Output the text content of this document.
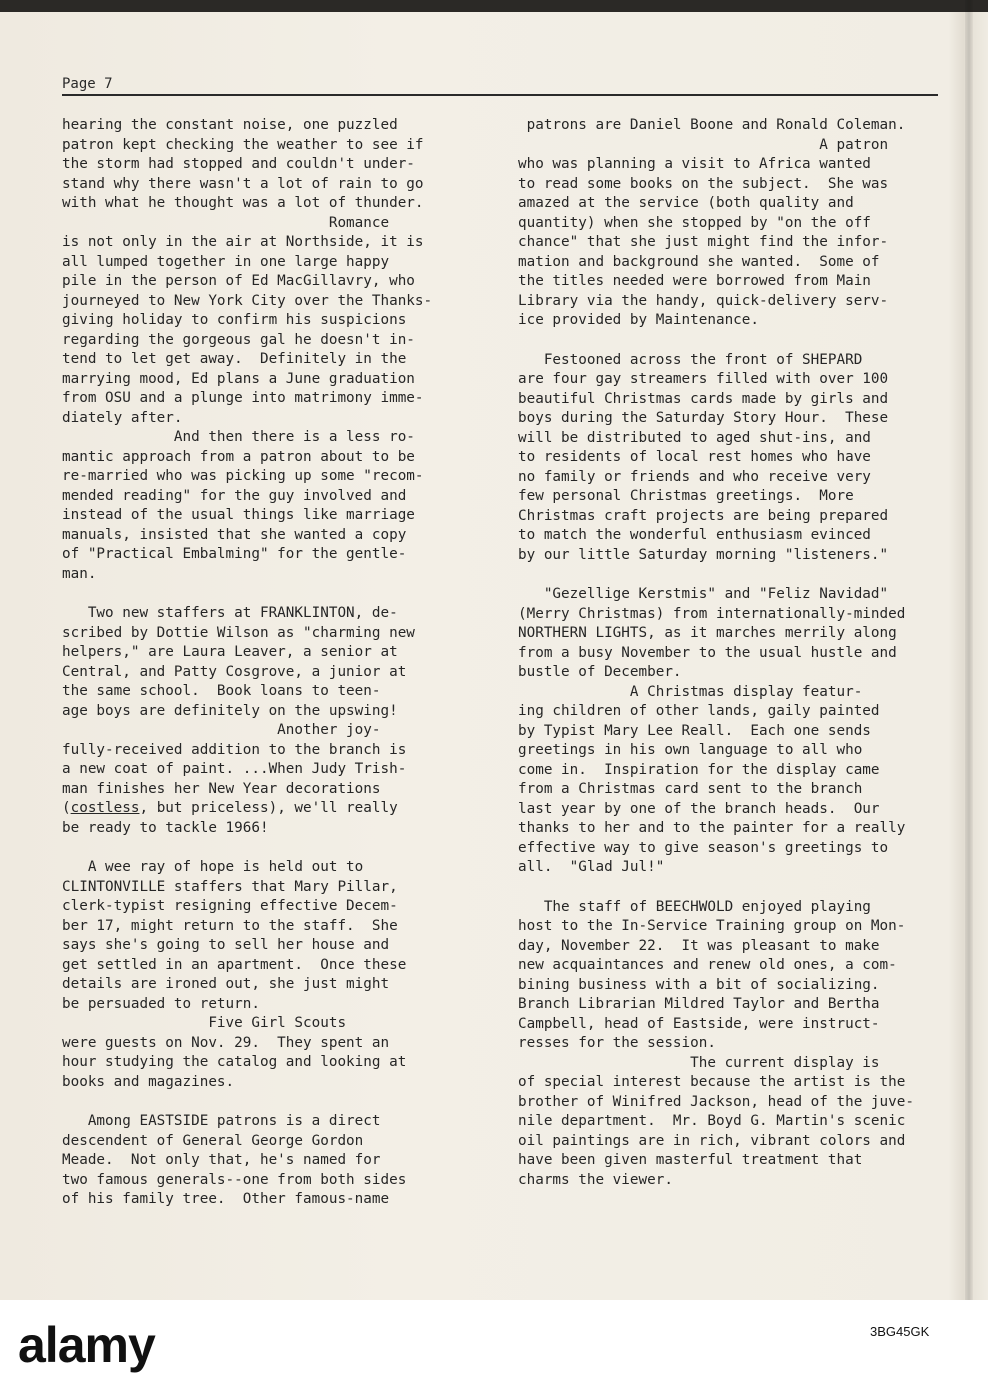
Page 7

hearing the constant noise, one puzzled

patron kept checking the weather to see if

the storm had stopped and couldn't under-

stand why there wasn't a lot of rain to go

with what he thought was a lot of thunder.

Romance

is not only in the air at Northside, it is

all lumped together in one large happy

pile in the person of Ed MacGillavry, who

journeyed to New York City over the Thanks-

giving holiday to confirm his suspicions

regarding the gorgeous gal he doesn't in-

tend to let get away.  Definitely in the

marrying mood, Ed plans a June graduation

from OSU and a plunge into matrimony imme-

diately after.

And then there is a less ro-

mantic approach from a patron about to be

re-married who was picking up some "recom-

mended reading" for the guy involved and

instead of the usual things like marriage

manuals, insisted that she wanted a copy

of "Practical Embalming" for the gentle-

man.

Two new staffers at FRANKLINTON, de-

scribed by Dottie Wilson as "charming new

helpers," are Laura Leaver, a senior at

Central, and Patty Cosgrove, a junior at

the same school.  Book loans to teen-

age boys are definitely on the upswing!

Another joy-

fully-received addition to the branch is

a new coat of paint. ...When Judy Trish-

man finishes her New Year decorations

(costless, but priceless), we'll really

be ready to tackle 1966!

A wee ray of hope is held out to

CLINTONVILLE staffers that Mary Pillar,

clerk-typist resigning effective Decem-

ber 17, might return to the staff.  She

says she's going to sell her house and

get settled in an apartment.  Once these

details are ironed out, she just might

be persuaded to return.

Five Girl Scouts

were guests on Nov. 29.  They spent an

hour studying the catalog and looking at

books and magazines.

Among EASTSIDE patrons is a direct

descendent of General George Gordon

Meade.  Not only that, he's named for

two famous generals--one from both sides

of his family tree.  Other famous-name

patrons are Daniel Boone and Ronald Coleman.

A patron

who was planning a visit to Africa wanted

to read some books on the subject.  She was

amazed at the service (both quality and

quantity) when she stopped by "on the off

chance" that she just might find the infor-

mation and background she wanted.  Some of

the titles needed were borrowed from Main

Library via the handy, quick-delivery serv-

ice provided by Maintenance.

Festooned across the front of SHEPARD

are four gay streamers filled with over 100

beautiful Christmas cards made by girls and

boys during the Saturday Story Hour.  These

will be distributed to aged shut-ins, and

to residents of local rest homes who have

no family or friends and who receive very

few personal Christmas greetings.  More

Christmas craft projects are being prepared

to match the wonderful enthusiasm evinced

by our little Saturday morning "listeners."

"Gezellige Kerstmis" and "Feliz Navidad"

(Merry Christmas) from internationally-minded

NORTHERN LIGHTS, as it marches merrily along

from a busy November to the usual hustle and

bustle of December.

A Christmas display featur-

ing children of other lands, gaily painted

by Typist Mary Lee Reall.  Each one sends

greetings in his own language to all who

come in.  Inspiration for the display came

from a Christmas card sent to the branch

last year by one of the branch heads.  Our

thanks to her and to the painter for a really

effective way to give season's greetings to

all.  "Glad Jul!"

The staff of BEECHWOLD enjoyed playing

host to the In-Service Training group on Mon-

day, November 22.  It was pleasant to make

new acquaintances and renew old ones, a com-

bining business with a bit of socializing.

Branch Librarian Mildred Taylor and Bertha

Campbell, head of Eastside, were instruct-

resses for the session.

The current display is

of special interest because the artist is the

brother of Winifred Jackson, head of the juve-

nile department.  Mr. Boyd G. Martin's scenic

oil paintings are in rich, vibrant colors and

have been given masterful treatment that

charms the viewer.

alamy	3BG45GK
